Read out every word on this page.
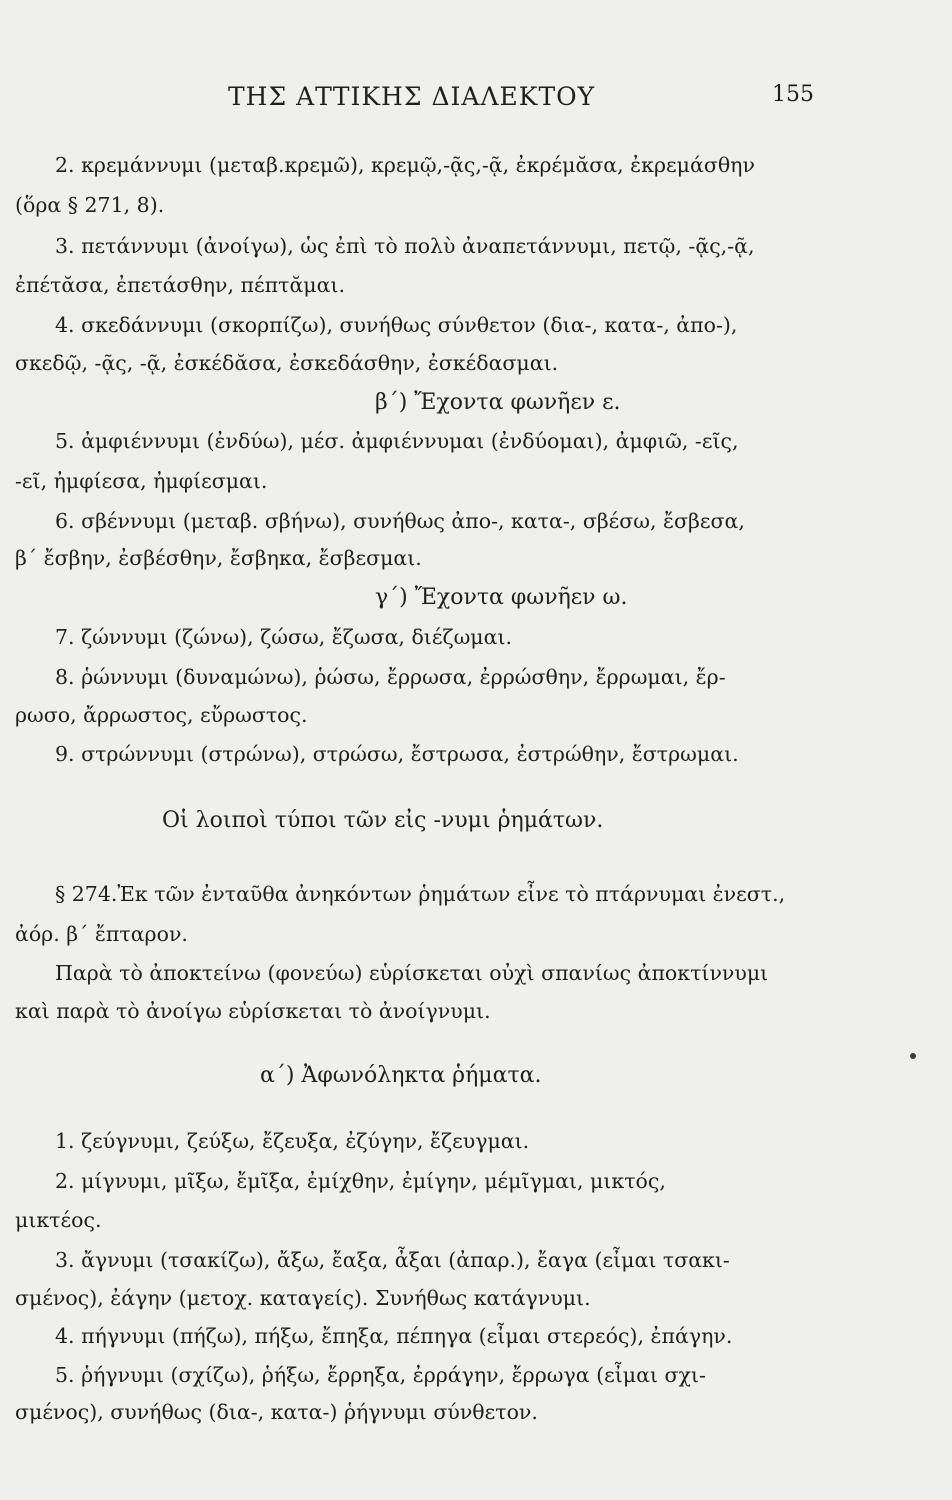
ΤΗΣ ΑΤΤΙΚΗΣ ΔΙΑΛΕΚΤΟΥ	155
2. κρεμάννυμι (μεταβ.κρεμῶ), κρεμῷ,-ᾷς,-ᾷ, ἐκρέμᾰσα, ἐκρεμάσθην
(ὅρα § 271, 8).
3. πετάννυμι (ἀνοίγω), ὡς ἐπὶ τὸ πολὺ ἀναπετάννυμι, πετῷ, -ᾷς,-ᾷ,
ἐπέτᾰσα, ἐπετάσθην, πέπτᾰμαι.
4. σκεδάννυμι (σκορπίζω), συνήθως σύνθετον (δια-, κατα-, ἀπο-),
σκεδῷ, -ᾷς, -ᾷ, ἐσκέδᾰσα, ἐσκεδάσθην, ἐσκέδασμαι.
β΄) Ἔχοντα φωνῆεν ε.
5. ἀμφιέννυμι (ἐνδύω), μέσ. ἀμφιέννυμαι (ἐνδύομαι), ἀμφιῶ, -εῖς,
-εῖ, ἠμφίεσα, ἠμφίεσμαι.
6. σβέννυμι (μεταβ. σβήνω), συνήθως ἀπο-, κατα-, σβέσω, ἔσβεσα,
β΄ ἔσβην, ἐσβέσθην, ἔσβηκα, ἔσβεσμαι.
γ΄) Ἔχοντα φωνῆεν ω.
7. ζώννυμι (ζώνω), ζώσω, ἔζωσα, διέζωμαι.
8. ῥώννυμι (δυναμώνω), ῥώσω, ἔρρωσα, ἐρρώσθην, ἔρρωμαι, ἔρ-
ρωσο, ἄρρωστος, εὔρωστος.
9. στρώννυμι (στρώνω), στρώσω, ἔστρωσα, ἐστρώθην, ἔστρωμαι.
Οἱ λοιποὶ τύποι τῶν εἰς -νυμι ῥημάτων.
§ 274.Ἐκ τῶν ἐνταῦθα ἀνηκόντων ῥημάτων εἶνε τὸ πτάρνυμαι ἐνεστ.,
ἀόρ. β΄ ἔπταρον.
Παρὰ τὸ ἀποκτείνω (φονεύω) εὑρίσκεται οὐχὶ σπανίως ἀποκτίννυμι
καὶ παρὰ τὸ ἀνοίγω εὑρίσκεται τὸ ἀνοίγνυμι.
α΄) Ἀφωνόληκτα ῥήματα.
1. ζεύγνυμι, ζεύξω, ἔζευξα, ἐζύγην, ἔζευγμαι.
2. μίγνυμι, μῖξω, ἔμῖξα, ἐμίχθην, ἐμίγην, μέμῖγμαι, μικτός,
μικτέος.
3. ἄγνυμι (τσακίζω), ἄξω, ἔαξα, ἆξαι (ἀπαρ.), ἔαγα (εἶμαι τσακι-
σμένος), ἐάγην (μετοχ. καταγείς). Συνήθως κατάγνυμι.
4. πήγνυμι (πήζω), πήξω, ἔπηξα, πέπηγα (εἶμαι στερεός), ἐπάγην.
5. ῥήγνυμι (σχίζω), ῥήξω, ἔρρηξα, ἐρράγην, ἔρρωγα (εἶμαι σχι-
σμένος), συνήθως (δια-, κατα-) ῥήγνυμι σύνθετον.
